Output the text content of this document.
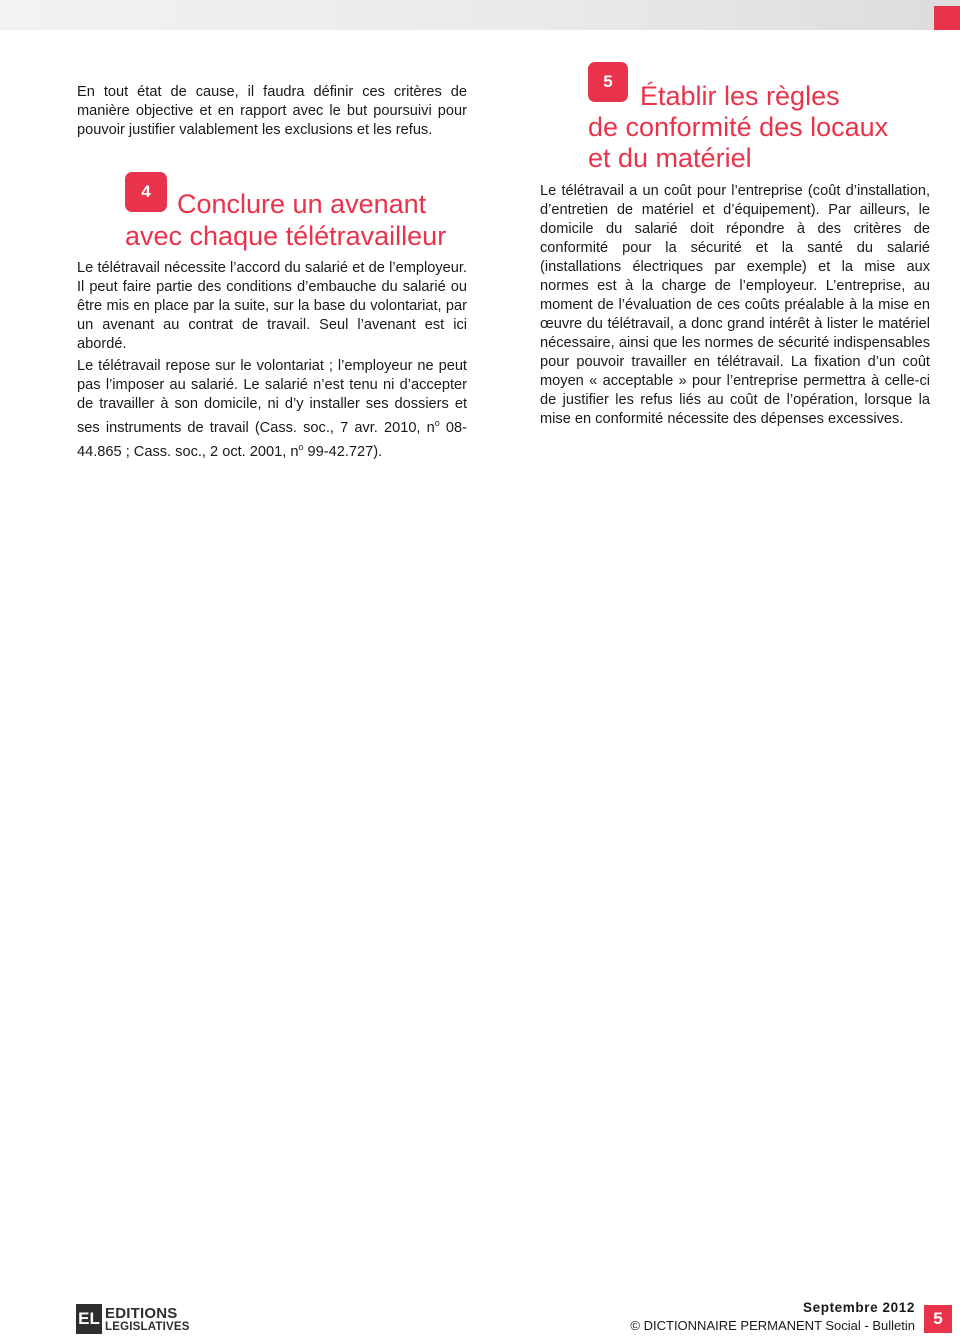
En tout état de cause, il faudra définir ces critères de manière objective et en rapport avec le but poursuivi pour pouvoir justifier valablement les exclusions et les refus.

4 Conclure un avenant
avec chaque télétravailleur

Le télétravail nécessite l’accord du salarié et de l’employeur. Il peut faire partie des conditions d’embauche du salarié ou être mis en place par la suite, sur la base du volontariat, par un avenant au contrat de travail. Seul l’avenant est ici abordé.

Le télétravail repose sur le volontariat ; l’employeur ne peut pas l’imposer au salarié. Le salarié n’est tenu ni d’accepter de travailler à son domicile, ni d’y installer ses dossiers et ses instruments de travail (Cass. soc., 7 avr. 2010, $n^o$ 08-44.865 ; Cass. soc., 2 oct. 2001, $n^o$ 99-42.727).

5	Établir les règles
de conformité des locaux
et du matériel

Le télétravail a un coût pour l’entreprise (coût d’installation, d’entretien de matériel et d’équipement). Par ailleurs, le domicile du salarié doit répondre à des critères de conformité pour la sécurité et la santé du salarié (installations électriques par exemple) et la mise aux normes est à la charge de l’employeur. L’entreprise, au moment de l’évaluation de ces coûts préalable à la mise en œuvre du télétravail, a donc grand intérêt à lister le matériel nécessaire, ainsi que les normes de sécurité indispensables pour pouvoir travailler en télétravail. La fixation d’un coût moyen « acceptable » pour l’entreprise permettra à celle-ci de justifier les refus liés au coût de l’opération, lorsque la mise en conformité nécessite des dépenses excessives.

EL EDITIONS
LEGISLATIVES
Septembre 2012
© DICTIONNAIRE PERMANENT Social - Bulletin	5
